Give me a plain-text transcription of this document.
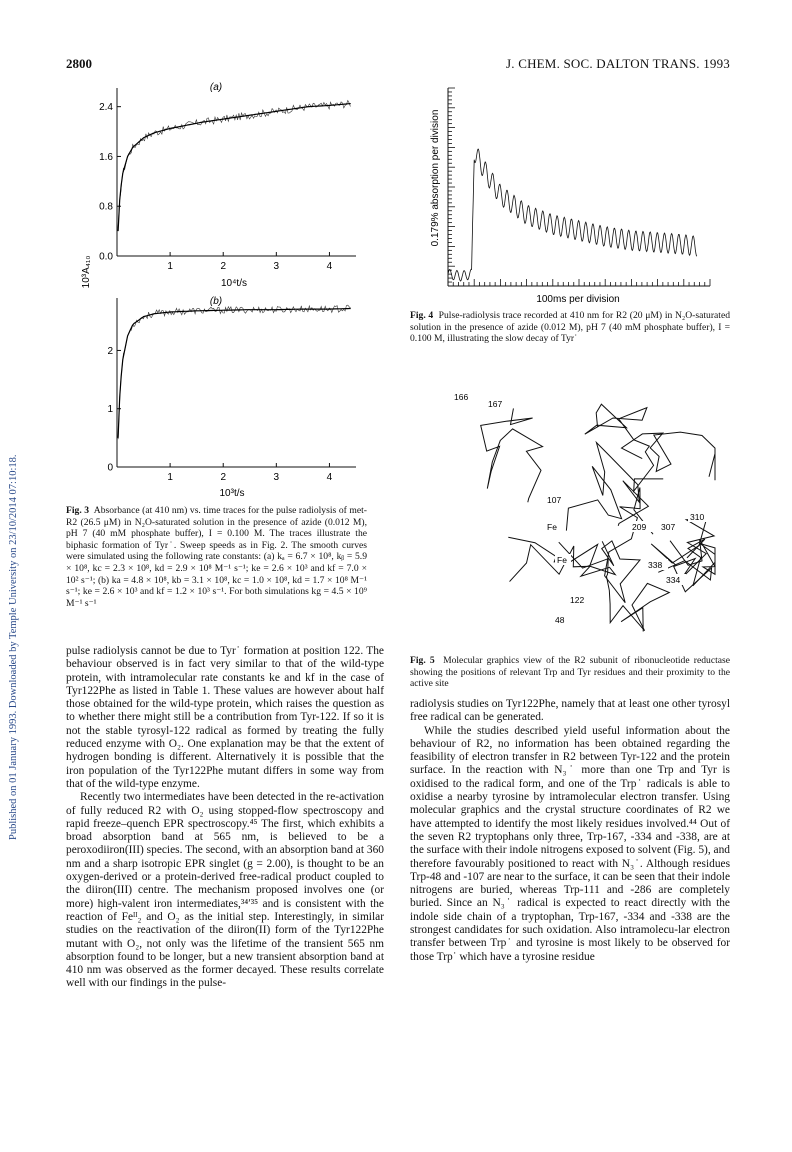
2800	J. CHEM. SOC. DALTON TRANS. 1993
Published on 01 January 1993. Downloaded by Temple University on 23/10/2014 07:10:18.
(a)
1	2	3	4
0.0
0.8
1.6
2.4
10⁴t/s
10³A₄₁₀
(b)
1	2	3	4
0
1
2
10³t/s
Fig. 3 Absorbance (at 410 nm) vs. time traces for the pulse radiolysis of met-R2 (26.5 μM) in N₂O-saturated solution in the presence of azide (0.012 M), pH 7 (40 mM phosphate buffer), I = 0.100 M. The traces illustrate the biphasic formation of Tyr˙. Sweep speeds as in Fig. 2. The smooth curves were simulated using the following rate constants: (a) kₐ = 6.7 × 10⁸, kᵦ = 5.9 × 10⁸, kc = 2.3 × 10⁸, kd = 2.9 × 10⁸ M⁻¹ s⁻¹; ke = 2.6 × 10³ and kf = 7.0 × 10² s⁻¹; (b) ka = 4.8 × 10⁸, kb = 3.1 × 10⁸, kc = 1.0 × 10⁸, kd = 1.7 × 10⁸ M⁻¹ s⁻¹; ke = 2.6 × 10³ and kf = 1.2 × 10³ s⁻¹. For both simulations kg = 4.5 × 10⁹ M⁻¹ s⁻¹
0.179% absorption per division
100ms per division
Fig. 4 Pulse-radiolysis trace recorded at 410 nm for R2 (20 μM) in N₂O-saturated solution in the presence of azide (0.012 M), pH 7 (40 mM phosphate buffer), I = 0.100 M, illustrating the slow decay of Tyr˙
166
167
107
Fe
Fe
209 307
310
338
334
122
48
Fig. 5 Molecular graphics view of the R2 subunit of ribonucleotide reductase showing the positions of relevant Trp and Tyr residues and their proximity to the active site

pulse radiolysis cannot be due to Tyr˙ formation at position 122. The behaviour observed is in fact very similar to that of the wild-type protein, with intramolecular rate constants ke and kf in the case of Tyr122Phe as listed in Table 1. These values are however about half those obtained for the wild-type protein, which raises the question as to whether there might still be a contribution from Tyr-122. If so it is not the stable tyrosyl-122 radical as formed by treating the fully reduced enzyme with O₂. One explanation may be that the extent of hydrogen bonding is different. Alternatively it is possible that the iron population of the Tyr122Phe mutant differs in some way from that of the wild-type enzyme.

Recently two intermediates have been detected in the re-activation of fully reduced R2 with O₂ using stopped-flow spectroscopy and rapid freeze–quench EPR spectroscopy.⁴⁵ The first, which exhibits a broad absorption band at 565 nm, is believed to be a peroxodiiron(III) species. The second, with an absorption band at 360 nm and a sharp isotropic EPR singlet (g = 2.00), is thought to be an oxygen-derived or a protein-derived free-radical product coupled to the diiron(III) centre. The mechanism proposed involves one (or more) high-valent iron intermediates,³⁴ʹ³⁵ and is consistent with the reaction of Feᴵᴵ₂ and O₂ as the initial step. Interestingly, in similar studies on the reactivation of the diiron(II) form of the Tyr122Phe mutant with O₂, not only was the lifetime of the transient 565 nm absorption found to be longer, but a new transient absorption band at 410 nm was observed as the former decayed. These results correlate well with our findings in the pulse-

radiolysis studies on Tyr122Phe, namely that at least one other tyrosyl free radical can be generated.

While the studies described yield useful information about the behaviour of R2, no information has been obtained regarding the feasibility of electron transfer in R2 between Tyr-122 and the protein surface. In the reaction with N₃˙ more than one Trp and Tyr is oxidised to the radical form, and one of the Trp˙ radicals is able to oxidise a nearby tyrosine by intramolecular electron transfer. Using molecular graphics and the crystal structure coordinates of R2 we have attempted to identify the most likely residues involved.⁴⁴ Out of the seven R2 tryptophans only three, Trp-167, -334 and -338, are at the surface with their indole nitrogens exposed to solvent (Fig. 5), and therefore favourably positioned to react with N₃˙. Although residues Trp-48 and -107 are near to the surface, it can be seen that their indole nitrogens are buried, whereas Trp-111 and -286 are completely buried. Since an N₃˙ radical is expected to react directly with the indole side chain of a tryptophan, Trp-167, -334 and -338 are the strongest candidates for such oxidation. Also intramolecu-lar electron transfer between Trp˙ and tyrosine is most likely to be observed for those Trp˙ which have a tyrosine residue
